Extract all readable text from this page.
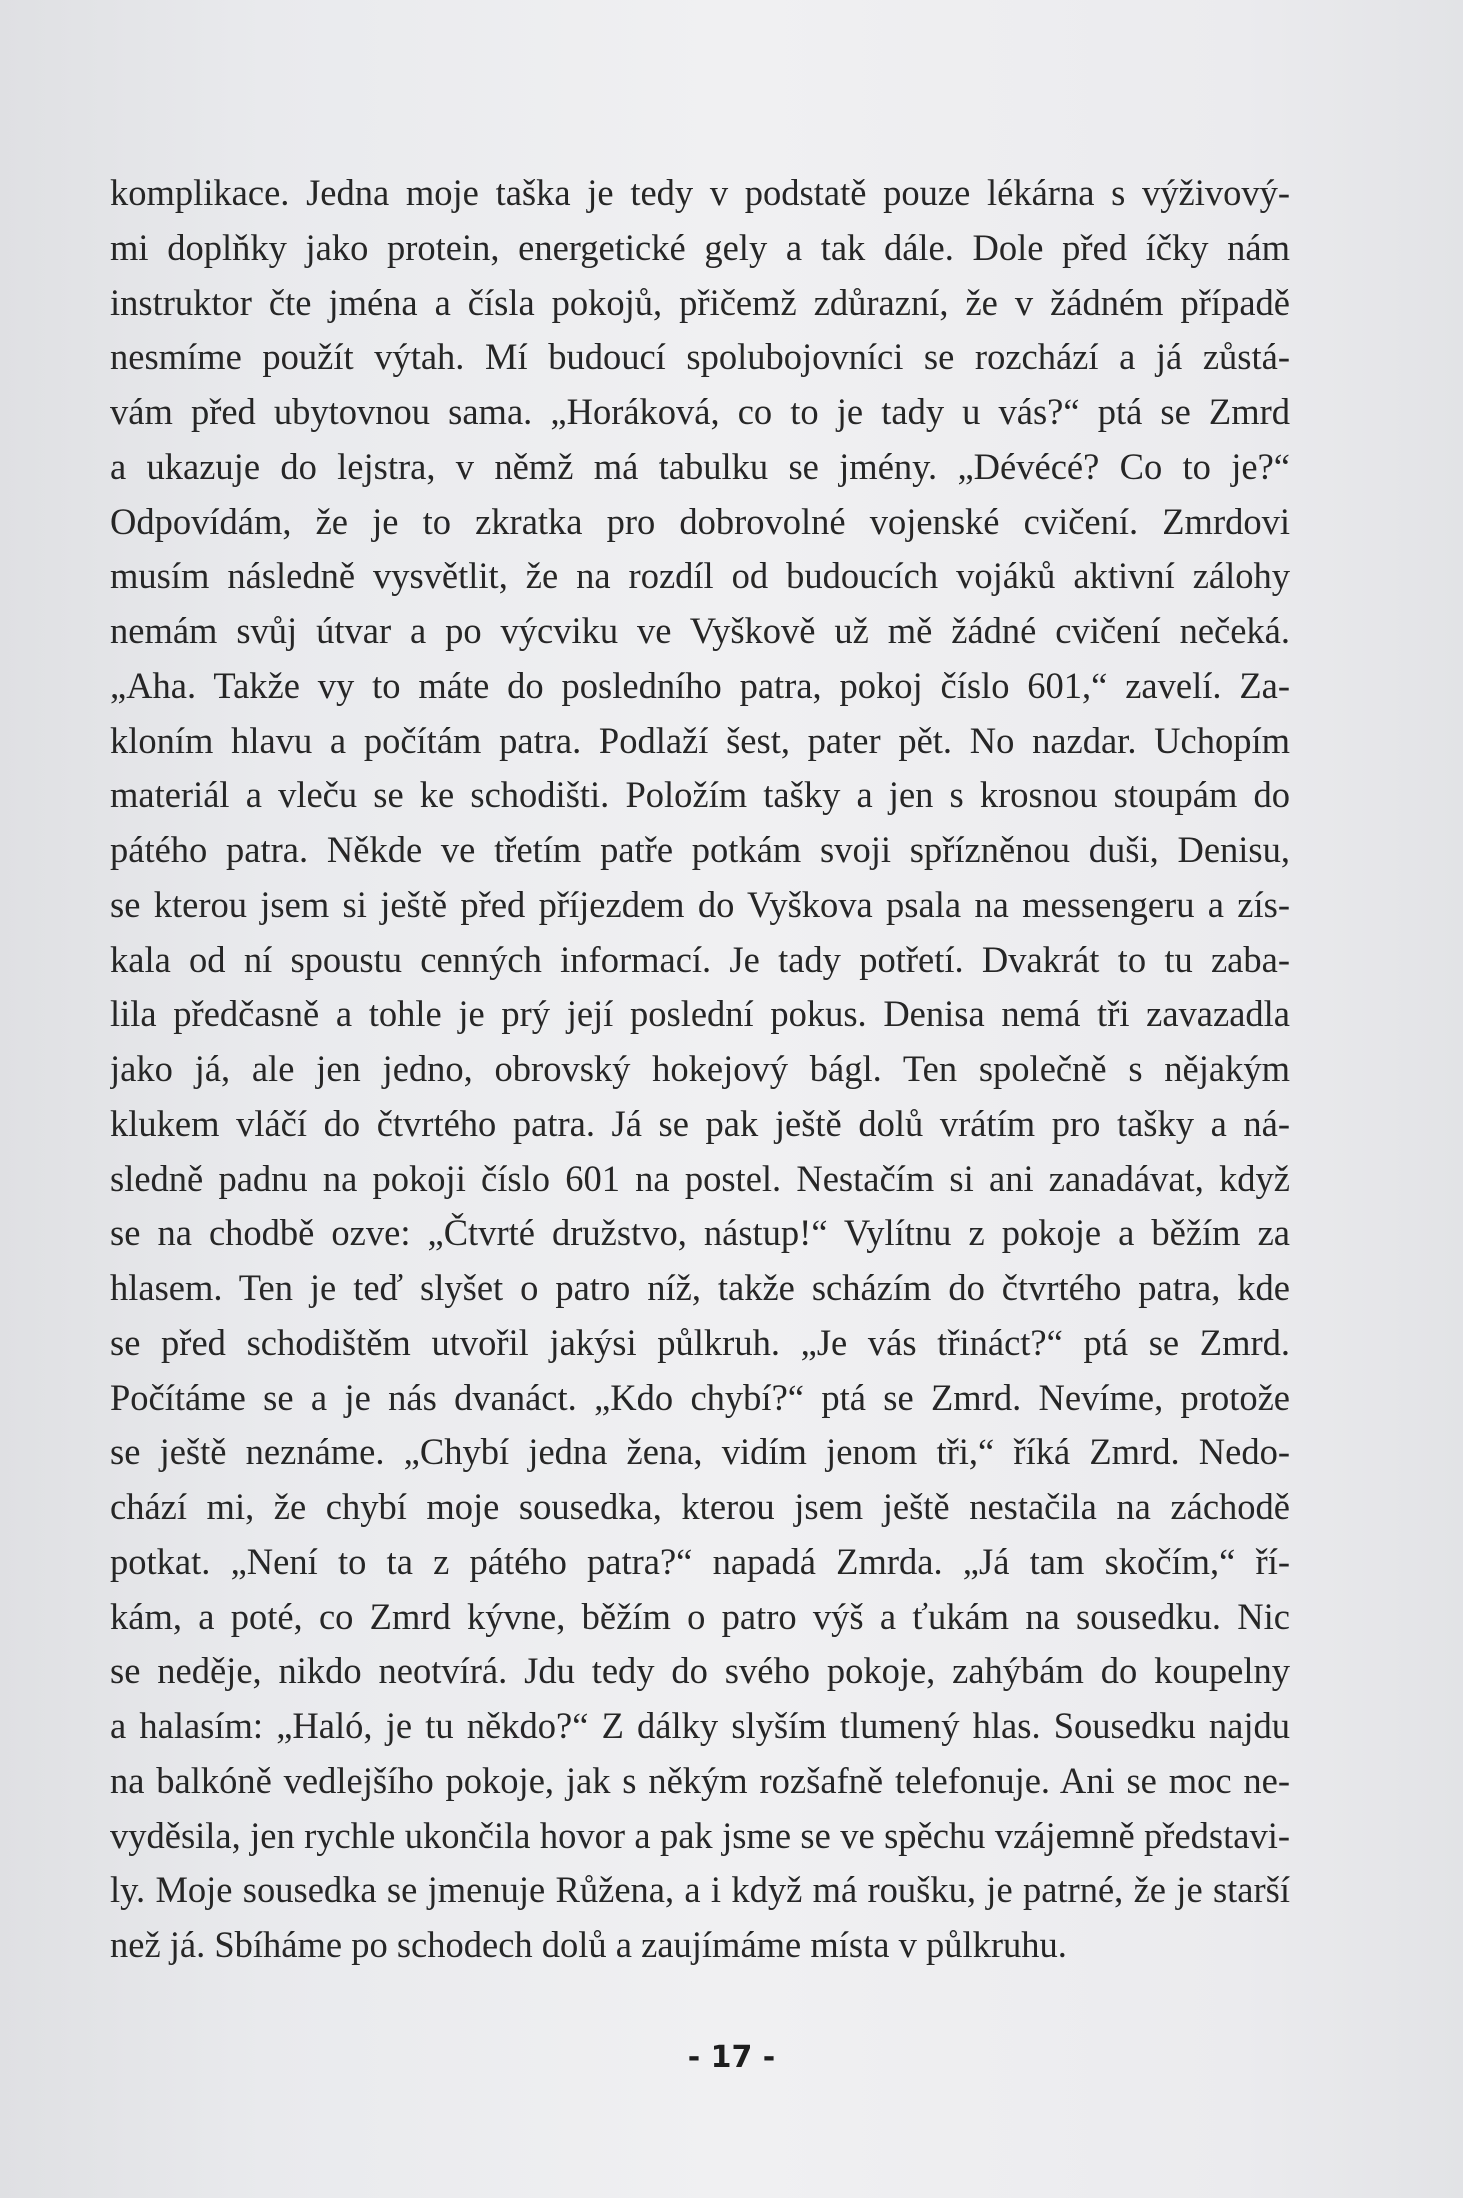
komplikace. Jedna moje taška je tedy v podstatě pouze lékárna s výživový-
mi doplňky jako protein, energetické gely a tak dále. Dole před íčky nám
instruktor čte jména a čísla pokojů, přičemž zdůrazní, že v žádném případě
nesmíme použít výtah. Mí budoucí spolubojovníci se rozchází a já zůstá-
vám před ubytovnou sama. „Horáková, co to je tady u vás?“ ptá se Zmrd
a ukazuje do lejstra, v němž má tabulku se jmény. „Dévécé? Co to je?“
Odpovídám, že je to zkratka pro dobrovolné vojenské cvičení. Zmrdovi
musím následně vysvětlit, že na rozdíl od budoucích vojáků aktivní zálohy
nemám svůj útvar a po výcviku ve Vyškově už mě žádné cvičení nečeká.
„Aha. Takže vy to máte do posledního patra, pokoj číslo 601,“ zavelí. Za-
kloním hlavu a počítám patra. Podlaží šest, pater pět. No nazdar. Uchopím
materiál a vleču se ke schodišti. Položím tašky a jen s krosnou stoupám do
pátého patra. Někde ve třetím patře potkám svoji spřízněnou duši, Denisu,
se kterou jsem si ještě před příjezdem do Vyškova psala na messengeru a zís-
kala od ní spoustu cenných informací. Je tady potřetí. Dvakrát to tu zaba-
lila předčasně a tohle je prý její poslední pokus. Denisa nemá tři zavazadla
jako já, ale jen jedno, obrovský hokejový bágl. Ten společně s nějakým
klukem vláčí do čtvrtého patra. Já se pak ještě dolů vrátím pro tašky a ná-
sledně padnu na pokoji číslo 601 na postel. Nestačím si ani zanadávat, když
se na chodbě ozve: „Čtvrté družstvo, nástup!“ Vylítnu z pokoje a běžím za
hlasem. Ten je teď slyšet o patro níž, takže scházím do čtvrtého patra, kde
se před schodištěm utvořil jakýsi půlkruh. „Je vás třináct?“ ptá se Zmrd.
Počítáme se a je nás dvanáct. „Kdo chybí?“ ptá se Zmrd. Nevíme, protože
se ještě neznáme. „Chybí jedna žena, vidím jenom tři,“ říká Zmrd. Nedo-
chází mi, že chybí moje sousedka, kterou jsem ještě nestačila na záchodě
potkat. „Není to ta z pátého patra?“ napadá Zmrda. „Já tam skočím,“ ří-
kám, a poté, co Zmrd kývne, běžím o patro výš a ťukám na sousedku. Nic
se neděje, nikdo neotvírá. Jdu tedy do svého pokoje, zahýbám do koupelny
a halasím: „Haló, je tu někdo?“ Z dálky slyším tlumený hlas. Sousedku najdu
na balkóně vedlejšího pokoje, jak s někým rozšafně telefonuje. Ani se moc ne-
vyděsila, jen rychle ukončila hovor a pak jsme se ve spěchu vzájemně představi-
ly. Moje sousedka se jmenuje Růžena, a i když má roušku, je patrné, že je starší
než já. Sbíháme po schodech dolů a zaujímáme místa v půlkruhu.
- 17 -
